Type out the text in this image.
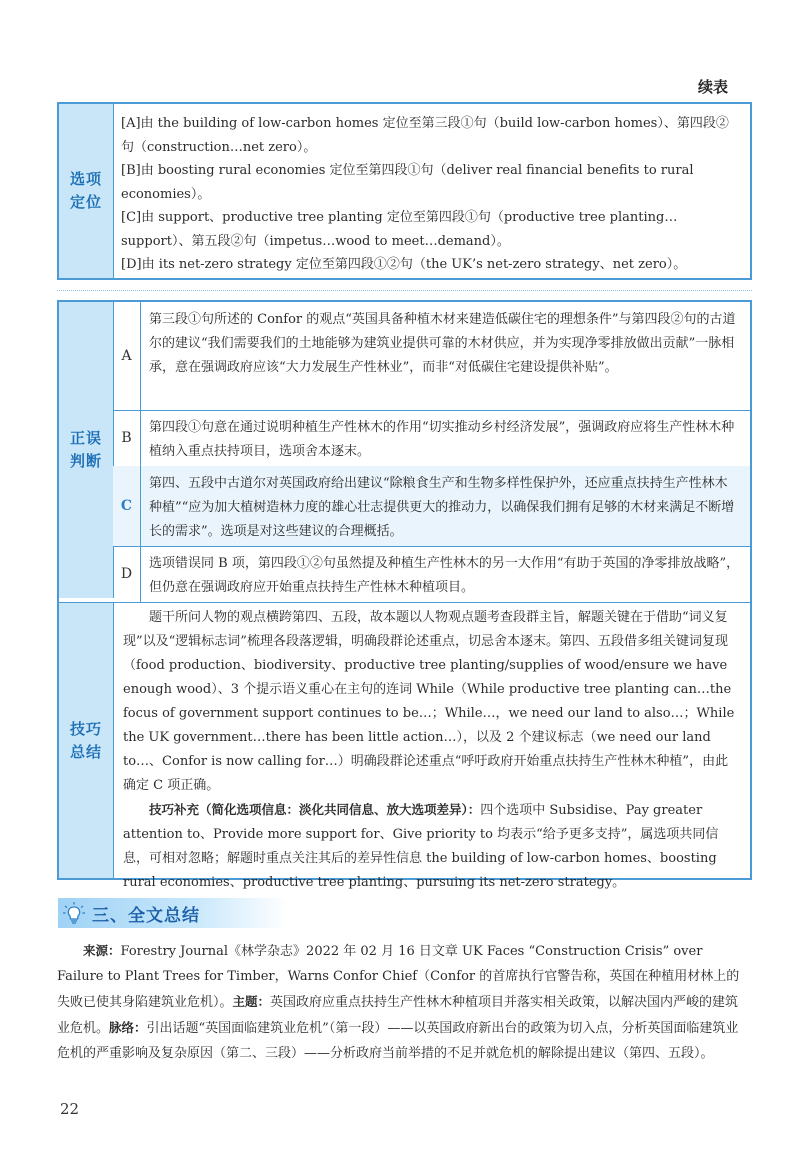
续表
选项定位

[A]由 the building of low-carbon homes 定位至第三段①句（build low-carbon homes）、第四段②句（construction…net zero）。

[B]由 boosting rural economies 定位至第四段①句（deliver real financial benefits to rural economies）。

[C]由 support、productive tree planting 定位至第四段①句（productive tree planting…support）、第五段②句（impetus…wood to meet…demand）。

[D]由 its net-zero strategy 定位至第四段①②句（the UK’s net-zero strategy、net zero）。

正误判断
技巧总结
A
第三段①句所述的 Confor 的观点“英国具备种植木材来建造低碳住宅的理想条件”与第四段②句的古道尔的建议“我们需要我们的土地能够为建筑业提供可靠的木材供应，并为实现净零排放做出贡献”一脉相承，意在强调政府应该“大力发展生产性林业”，而非“对低碳住宅建设提供补贴”。
B
第四段①句意在通过说明种植生产性林木的作用“切实推动乡村经济发展”，强调政府应将生产性林木种植纳入重点扶持项目，选项舍本逐末。
C
第四、五段中古道尔对英国政府给出建议“除粮食生产和生物多样性保护外，还应重点扶持生产性林木种植”“应为加大植树造林力度的雄心壮志提供更大的推动力，以确保我们拥有足够的木材来满足不断增长的需求”。选项是对这些建议的合理概括。
D
选项错误同 B 项，第四段①②句虽然提及种植生产性林木的另一大作用“有助于英国的净零排放战略”，但仍意在强调政府应开始重点扶持生产性林木种植项目。

题干所问人物的观点横跨第四、五段，故本题以人物观点题考查段群主旨，解题关键在于借助“词义复现”以及“逻辑标志词”梳理各段落逻辑，明确段群论述重点，切忌舍本逐末。第四、五段借多组关键词复现（food production、biodiversity、productive tree planting/supplies of wood/ensure we have enough wood）、3 个提示语义重心在主句的连词 While（While productive tree planting can…the focus of government support continues to be…；While…，we need our land to also…；While the UK government…there has been little action…），以及 2 个建议标志（we need our land to…、Confor is now calling for…）明确段群论述重点“呼吁政府开始重点扶持生产性林木种植”，由此确定 C 项正确。

技巧补充（简化选项信息：淡化共同信息、放大选项差异）：四个选项中 Subsidise、Pay greater attention to、Provide more support for、Give priority to 均表示“给予更多支持”，属选项共同信息，可相对忽略；解题时重点关注其后的差异性信息 the building of low-carbon homes、boosting rural economies、productive tree planting、pursuing its net-zero strategy。

三、全文总结

来源：Forestry Journal《林学杂志》2022 年 02 月 16 日文章 UK Faces “Construction Crisis” over Failure to Plant Trees for Timber，Warns Confor Chief（Confor 的首席执行官警告称，英国在种植用材林上的失败已使其身陷建筑业危机）。主题：英国政府应重点扶持生产性林木种植项目并落实相关政策，以解决国内严峻的建筑业危机。脉络：引出话题“英国面临建筑业危机”（第一段）——以英国政府新出台的政策为切入点，分析英国面临建筑业危机的严重影响及复杂原因（第二、三段）——分析政府当前举措的不足并就危机的解除提出建议（第四、五段）。

22
